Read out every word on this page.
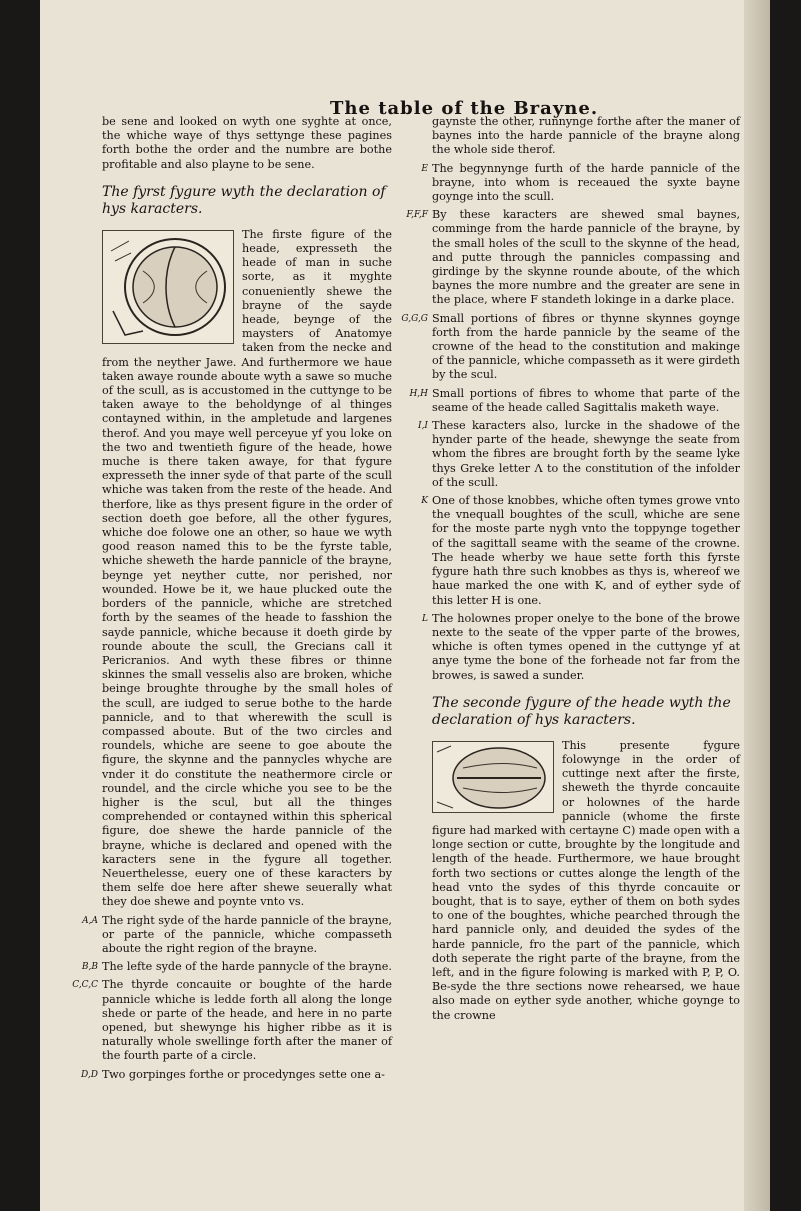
The table of the Brayne.

be sene and looked on wyth one syghte at once, the whiche waye of thys settynge these pagines forth bothe the order and the numbre are bothe profitable and also playne to be sene.

The fyrst fygure wyth the declaration of hys karacters.

The firste figure of the heade, expresseth the heade of man in suche sorte, as it myghte conueniently shewe the brayne of the sayde heade, beynge of the maysters of Anatomye taken from the necke and from the neyther Jawe. And furthermore we haue taken awaye rounde aboute wyth a sawe so muche of the scull, as is accustomed in the cuttynge to be taken awaye to the beholdynge of al thinges contayned within, in the ampletude and largenes therof. And you maye well perceyue yf you loke on the two and twentieth figure of the heade, howe muche is there taken awaye, for that fygure expresseth the inner syde of that parte of the scull whiche was taken from the reste of the heade. And therfore, like as thys present figure in the order of section doeth goe before, all the other fygures, whiche doe folowe one an other, so haue we wyth good reason named this to be the fyrste table, whiche sheweth the harde pannicle of the brayne, beynge yet neyther cutte, nor perished, nor wounded. Howe be it, we haue plucked oute the borders of the pannicle, whiche are stretched forth by the seames of the heade to fasshion the sayde pannicle, whiche because it doeth girde by rounde aboute the scull, the Grecians call it Pericranios. And wyth these fibres or thinne skinnes the small vesselis also are broken, whiche beinge broughte throughe by the small holes of the scull, are iudged to serue bothe to the harde pannicle, and to that wherewith the scull is compassed aboute. But of the two circles and roundels, whiche are seene to goe aboute the figure, the skynne and the pannycles whyche are vnder it do constitute the neathermore circle or roundel, and the circle whiche you see to be the higher is the scul, but all the thinges comprehended or contayned within this spherical figure, doe shewe the harde pannicle of the brayne, whiche is declared and opened with the karacters sene in the fygure all together. Neuerthelesse, euery one of these karacters by them selfe doe here after shewe seuerally what they doe shewe and poynte vnto vs.

A,A The right syde of the harde pannicle of the brayne, or parte of the pannicle, whiche compasseth aboute the right region of the brayne.

B,B The lefte syde of the harde pannycle of the brayne.

C,C,C The thyrde concauite or boughte of the harde pannicle whiche is ledde forth all along the longe shede or parte of the heade, and here in no parte opened, but shewynge his higher ribbe as it is naturally whole swellinge forth after the maner of the fourth parte of a circle.

D,D Two gorpinges forthe or procedynges sette one a-

gaynste the other, runnynge forthe after the maner of baynes into the harde pannicle of the brayne along the whole side therof.

E The begynnynge furth of the harde pannicle of the brayne, into whom is receaued the syxte bayne goynge into the scull.

F,F,F By these karacters are shewed smal baynes, comminge from the harde pannicle of the brayne, by the small holes of the scull to the skynne of the head, and putte through the pannicles compassing and girdinge by the skynne rounde aboute, of the which baynes the more numbre and the greater are sene in the place, where F standeth lokinge in a darke place.

G,G,G Small portions of fibres or thynne skynnes goynge forth from the harde pannicle by the seame of the crowne of the head to the constitution and makinge of the pannicle, whiche compasseth as it were girdeth by the scul.

H,H Small portions of fibres to whome that parte of the seame of the heade called Sagittalis maketh waye.

I,I These karacters also, lurcke in the shadowe of the hynder parte of the heade, shewynge the seate from whom the fibres are brought forth by the seame lyke thys Greke letter Λ to the constitution of the infolder of the scull.

K One of those knobbes, whiche often tymes growe vnto the vnequall boughtes of the scull, whiche are sene for the moste parte nygh vnto the toppynge together of the sagittall seame with the seame of the crowne. The heade wherby we haue sette forth this fyrste fygure hath thre such knobbes as thys is, whereof we haue marked the one with K, and of eyther syde of this letter H is one.

L The holownes proper onelye to the bone of the browe nexte to the seate of the vpper parte of the browes, whiche is often tymes opened in the cuttynge yf at anye tyme the bone of the forheade not far from the browes, is sawed a sunder.

The seconde fygure of the heade wyth the declaration of hys karacters.

This presente fygure folowynge in the order of cuttinge next after the firste, sheweth the thyrde concauite or holownes of the harde pannicle (whome the firste figure had marked with certayne C) made open with a longe section or cutte, broughte by the longitude and length of the heade. Furthermore, we haue brought forth two sections or cuttes alonge the length of the head vnto the sydes of this thyrde concauite or bought, that is to saye, eyther of them on both sydes to one of the boughtes, whiche pearched through the hard pannicle only, and deuided the sydes of the harde pannicle, fro the part of the pannicle, which doth seperate the right parte of the brayne, from the left, and in the figure folowing is marked with P, P, O. Be-syde the thre sections nowe rehearsed, we haue also made on eyther syde another, whiche goynge to the crowne
